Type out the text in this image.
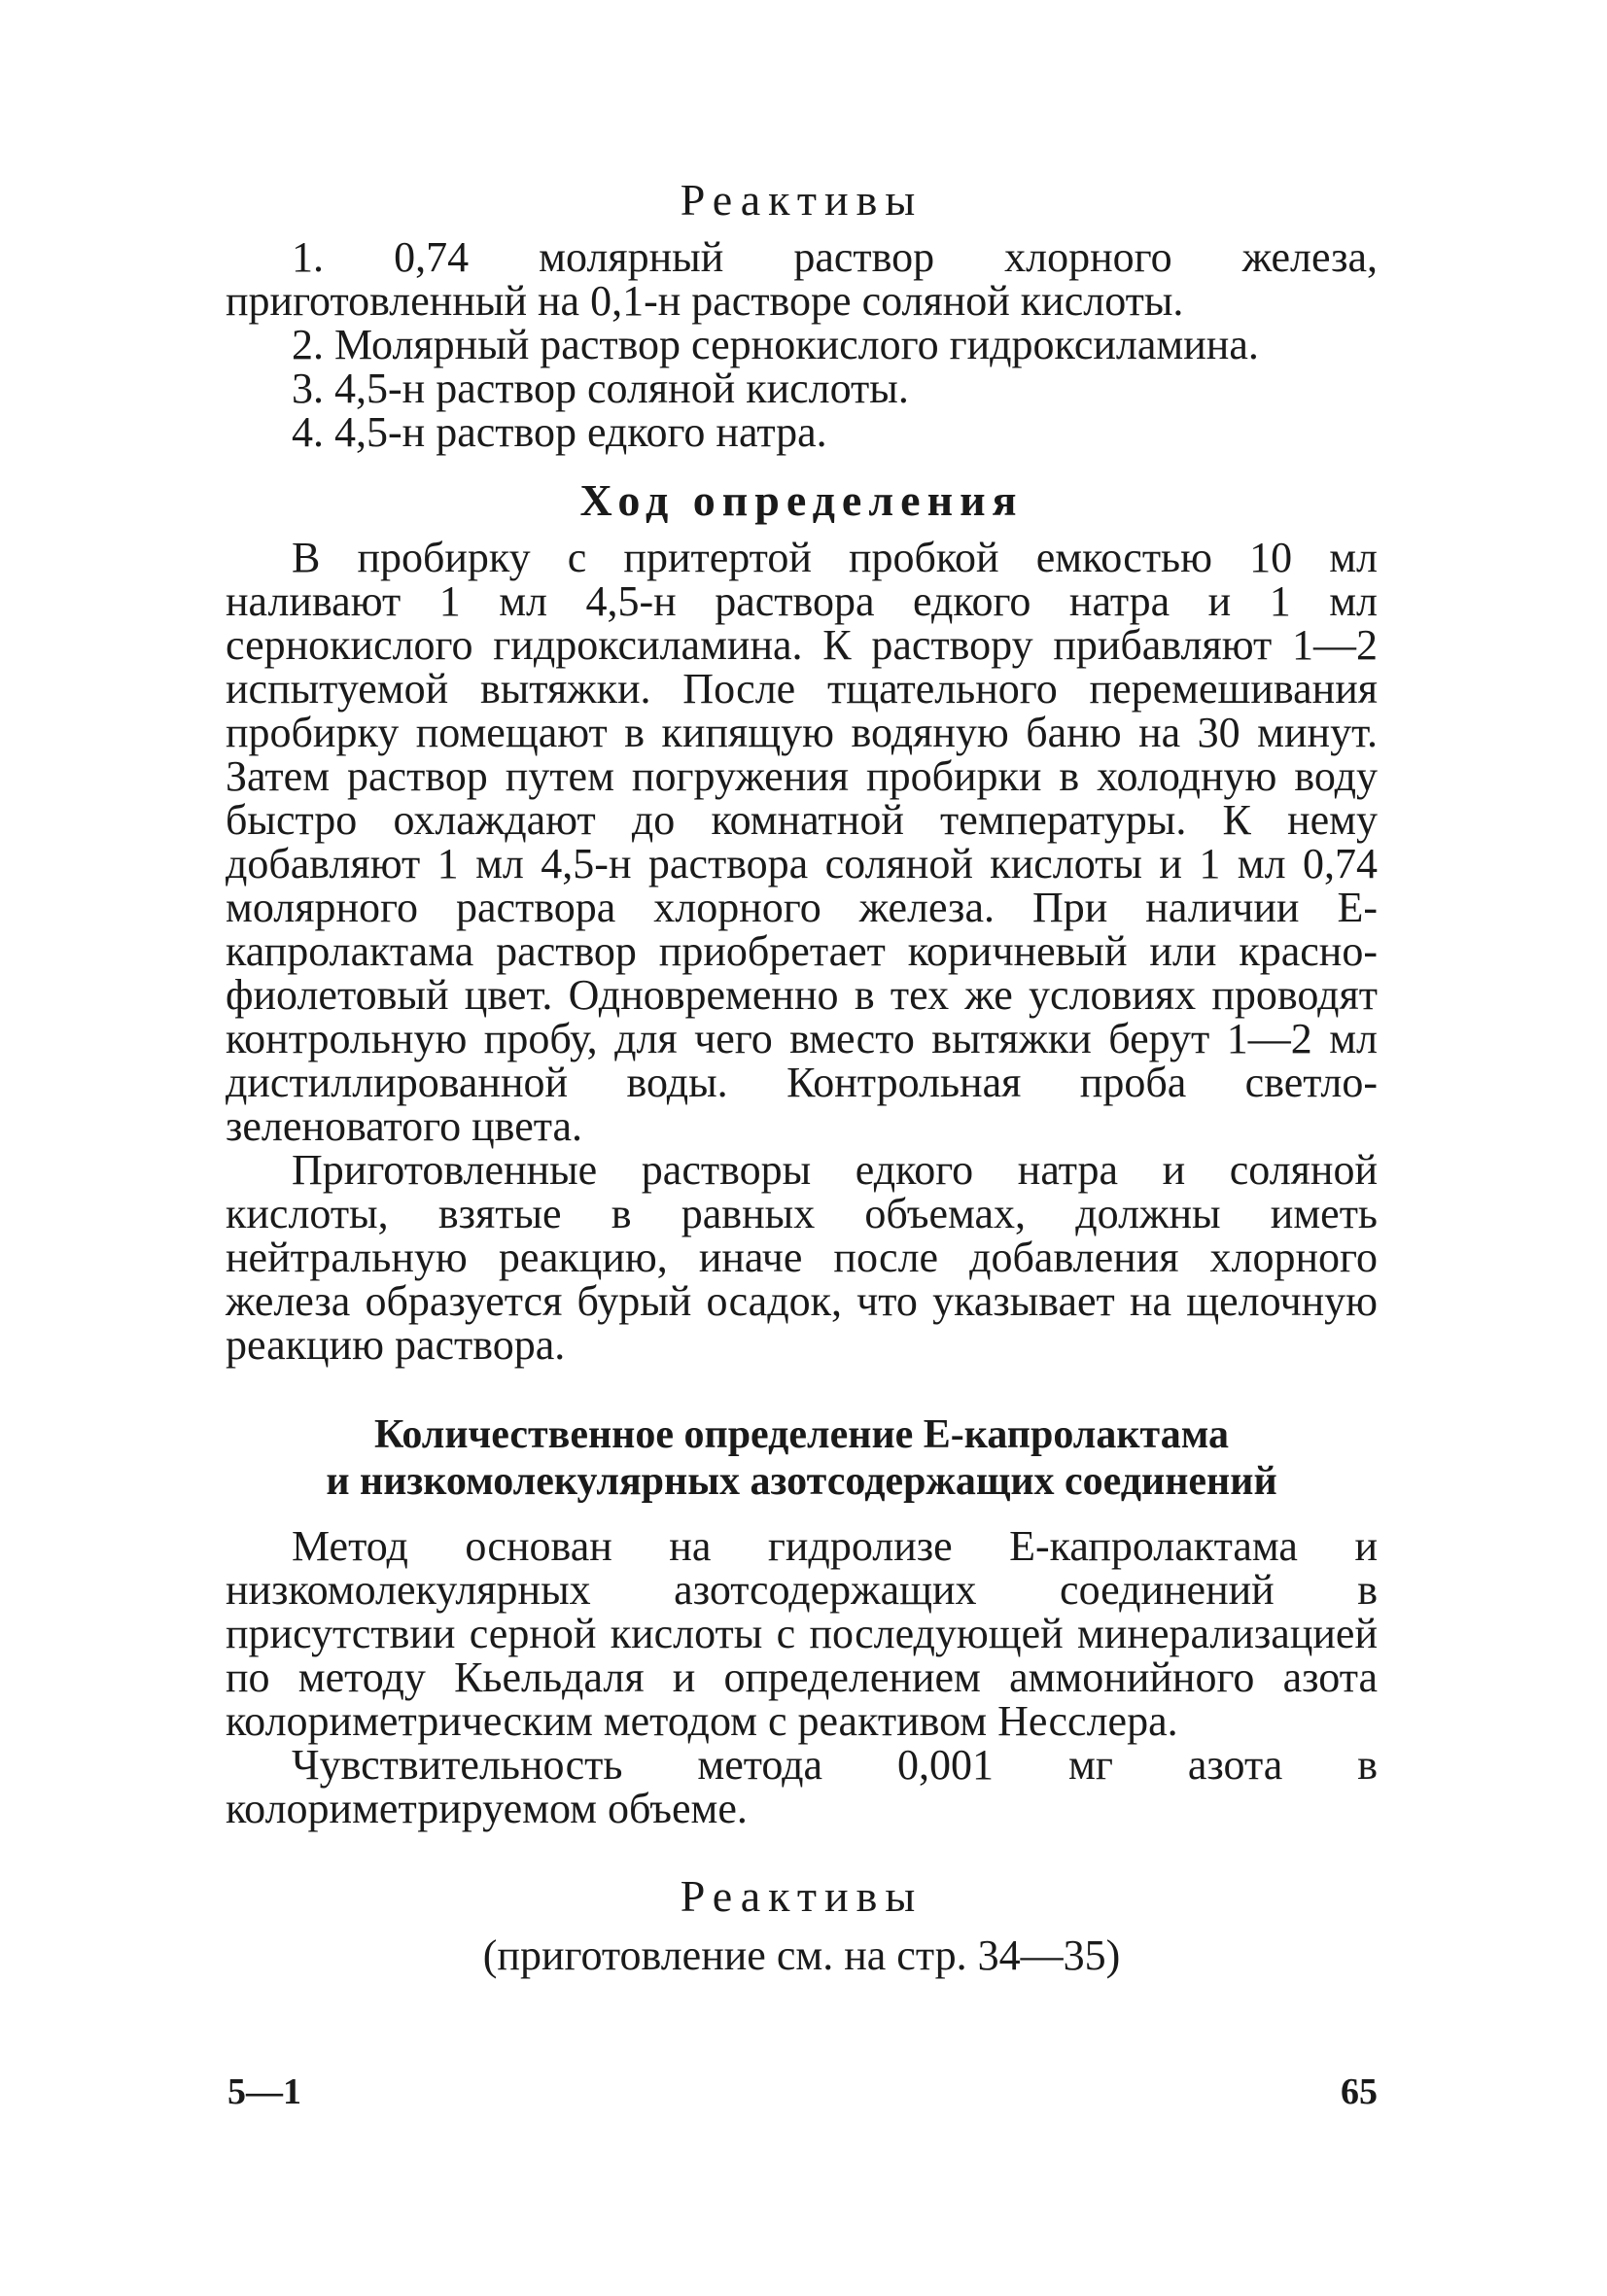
Реактивы

1. 0,74 молярный раствор хлорного железа, приготовленный на 0,1-н растворе соляной кислоты.

2. Молярный раствор сернокислого гидроксиламина.

3. 4,5-н раствор соляной кислоты.

4. 4,5-н раствор едкого натра.

Ход определения

В пробирку с притертой пробкой емкостью 10 мл наливают 1 мл 4,5-н раствора едкого натра и 1 мл сернокислого гидроксиламина. К раствору прибавляют 1—2 испытуемой вытяжки. После тщательного перемешивания пробирку помещают в кипящую водяную баню на 30 минут. Затем раствор путем погружения пробирки в холодную воду быстро охлаждают до комнатной температуры. К нему добавляют 1 мл 4,5-н раствора соляной кислоты и 1 мл 0,74 молярного раствора хлорного железа. При наличии Е-капролактама раствор приобретает коричневый или красно-фиолетовый цвет. Одновременно в тех же условиях проводят контрольную пробу, для чего вместо вытяжки берут 1—2 мл дистиллированной воды. Контрольная проба светло-зеленоватого цвета.

Приготовленные растворы едкого натра и соляной кислоты, взятые в равных объемах, должны иметь нейтральную реакцию, иначе после добавления хлорного железа образуется бурый осадок, что указывает на щелочную реакцию раствора.

Количественное определение Е-капролактама
и низкомолекулярных азотсодержащих соединений

Метод основан на гидролизе Е-капролактама и низкомолекулярных азотсодержащих соединений в присутствии серной кислоты с последующей минерализацией по методу Кьельдаля и определением аммонийного азота колориметрическим методом с реактивом Несслера.

Чувствительность метода 0,001 мг азота в колориметрируемом объеме.

Реактивы

(приготовление см. на стр. 34—35)

5—1	65
